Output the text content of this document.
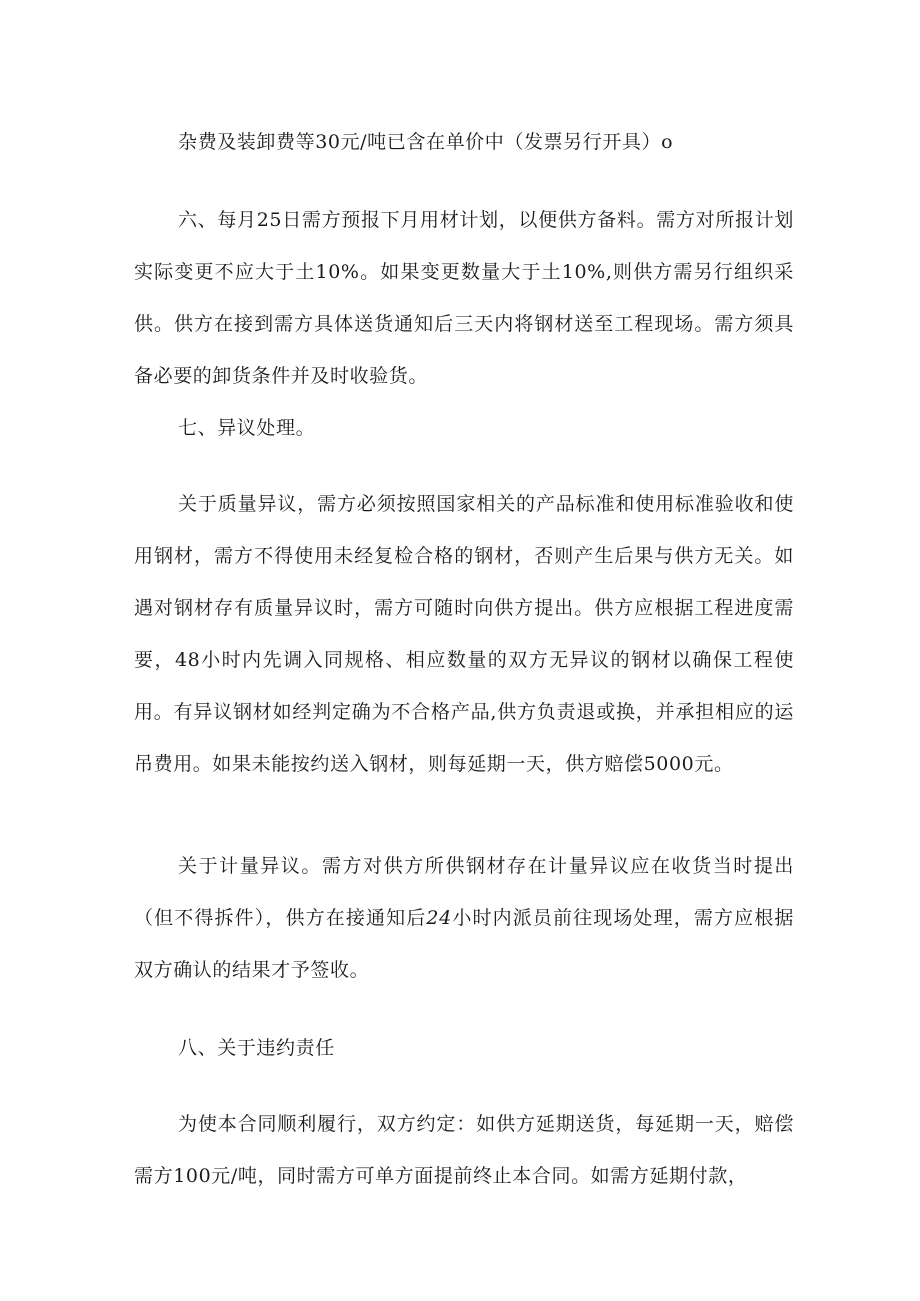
杂费及装卸费等30元/吨已含在单价中（发票另行开具）o

六、每月25日需方预报下月用材计划，以便供方备料。需方对所报计划实际变更不应大于土10%。如果变更数量大于土10%,则供方需另行组织采供。供方在接到需方具体送货通知后三天内将钢材送至工程现场。需方须具备必要的卸货条件并及时收验货。

七、异议处理。

关于质量异议，需方必须按照国家相关的产品标准和使用标准验收和使用钢材，需方不得使用未经复检合格的钢材，否则产生后果与供方无关。如遇对钢材存有质量异议时，需方可随时向供方提出。供方应根据工程进度需要，48小时内先调入同规格、相应数量的双方无异议的钢材以确保工程使用。有异议钢材如经判定确为不合格产品,供方负责退或换，并承担相应的运吊费用。如果未能按约送入钢材，则每延期一天，供方赔偿5000元。

关于计量异议。需方对供方所供钢材存在计量异议应在收货当时提出（但不得拆件），供方在接通知后24小时内派员前往现场处理，需方应根据双方确认的结果才予签收。

八、关于违约责任

为使本合同顺利履行，双方约定：如供方延期送货，每延期一天，赔偿需方100元/吨，同时需方可单方面提前终止本合同。如需方延期付款，
